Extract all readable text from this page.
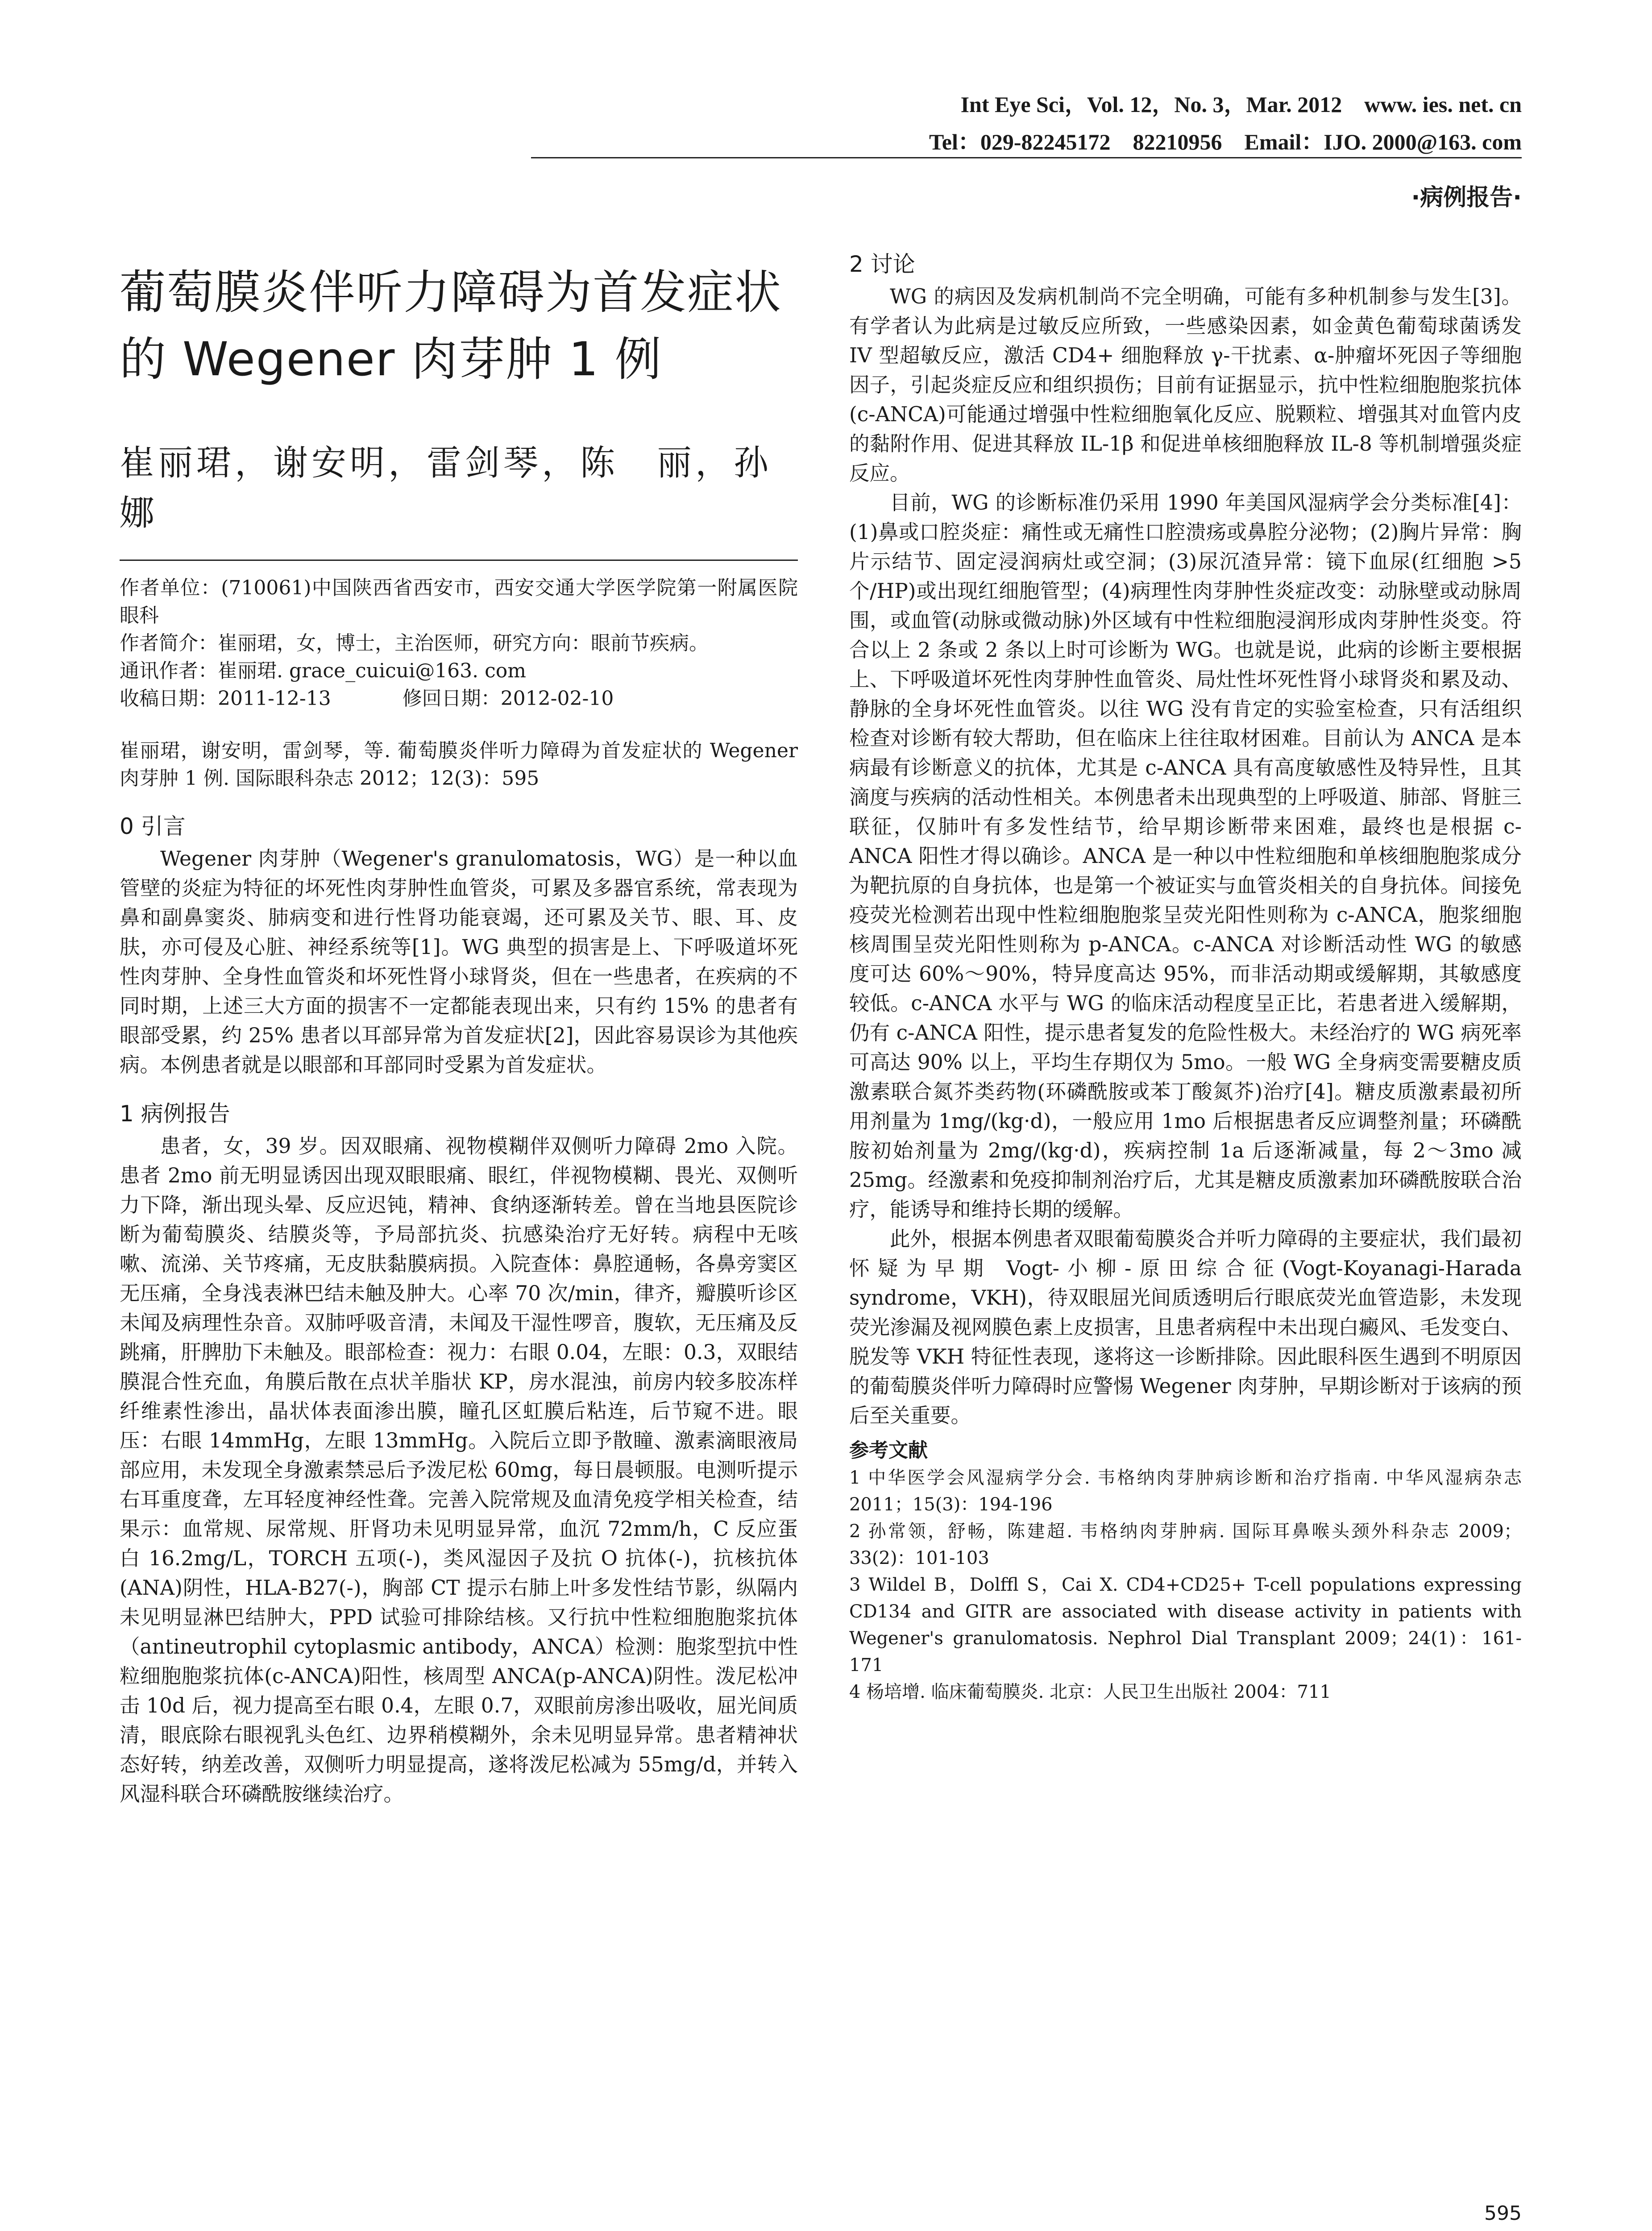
Int Eye Sci，Vol. 12，No. 3，Mar. 2012　www. ies. net. cn
Tel：029-82245172　82210956　Email：IJO. 2000@163. com
·病例报告·
葡萄膜炎伴听力障碍为首发症状的 Wegener 肉芽肿 1 例
崔丽珺，谢安明，雷剑琴，陈　丽，孙　娜
作者单位：(710061)中国陕西省西安市，西安交通大学医学院第一附属医院眼科
作者简介：崔丽珺，女，博士，主治医师，研究方向：眼前节疾病。
通讯作者：崔丽珺. grace_cuicui@163. com
收稿日期：2011-12-13	修回日期：2012-02-10
崔丽珺，谢安明，雷剑琴，等. 葡萄膜炎伴听力障碍为首发症状的 Wegener 肉芽肿 1 例. 国际眼科杂志 2012；12(3)：595
0 引言

Wegener 肉芽肿（Wegener's granulomatosis，WG）是一种以血管壁的炎症为特征的坏死性肉芽肿性血管炎，可累及多器官系统，常表现为鼻和副鼻窦炎、肺病变和进行性肾功能衰竭，还可累及关节、眼、耳、皮肤，亦可侵及心脏、神经系统等[1]。WG 典型的损害是上、下呼吸道坏死性肉芽肿、全身性血管炎和坏死性肾小球肾炎，但在一些患者，在疾病的不同时期，上述三大方面的损害不一定都能表现出来，只有约 15% 的患者有眼部受累，约 25% 患者以耳部异常为首发症状[2]，因此容易误诊为其他疾病。本例患者就是以眼部和耳部同时受累为首发症状。

1 病例报告

患者，女，39 岁。因双眼痛、视物模糊伴双侧听力障碍 2mo 入院。患者 2mo 前无明显诱因出现双眼眼痛、眼红，伴视物模糊、畏光、双侧听力下降，渐出现头晕、反应迟钝，精神、食纳逐渐转差。曾在当地县医院诊断为葡萄膜炎、结膜炎等，予局部抗炎、抗感染治疗无好转。病程中无咳嗽、流涕、关节疼痛，无皮肤黏膜病损。入院查体：鼻腔通畅，各鼻旁窦区无压痛，全身浅表淋巴结未触及肿大。心率 70 次/min，律齐，瓣膜听诊区未闻及病理性杂音。双肺呼吸音清，未闻及干湿性啰音，腹软，无压痛及反跳痛，肝脾肋下未触及。眼部检查：视力：右眼 0.04，左眼：0.3，双眼结膜混合性充血，角膜后散在点状羊脂状 KP，房水混浊，前房内较多胶冻样纤维素性渗出，晶状体表面渗出膜，瞳孔区虹膜后粘连，后节窥不进。眼压：右眼 14mmHg，左眼 13mmHg。入院后立即予散瞳、激素滴眼液局部应用，未发现全身激素禁忌后予泼尼松 60mg，每日晨顿服。电测听提示右耳重度聋，左耳轻度神经性聋。完善入院常规及血清免疫学相关检查，结果示：血常规、尿常规、肝肾功未见明显异常，血沉 72mm/h，C 反应蛋白 16.2mg/L，TORCH 五项(-)，类风湿因子及抗 O 抗体(-)，抗核抗体(ANA)阴性，HLA-B27(-)，胸部 CT 提示右肺上叶多发性结节影，纵隔内未见明显淋巴结肿大，PPD 试验可排除结核。又行抗中性粒细胞胞浆抗体（antineutrophil cytoplasmic antibody，ANCA）检测：胞浆型抗中性粒细胞胞浆抗体(c-ANCA)阳性，核周型 ANCA(p-ANCA)阴性。泼尼松冲击 10d 后，视力提高至右眼 0.4，左眼 0.7，双眼前房渗出吸收，屈光间质清，眼底除右眼视乳头色红、边界稍模糊外，余未见明显异常。患者精神状态好转，纳差改善，双侧听力明显提高，遂将泼尼松减为 55mg/d，并转入风湿科联合环磷酰胺继续治疗。

2 讨论

WG 的病因及发病机制尚不完全明确，可能有多种机制参与发生[3]。有学者认为此病是过敏反应所致，一些感染因素，如金黄色葡萄球菌诱发 IV 型超敏反应，激活 CD4+ 细胞释放 γ-干扰素、α-肿瘤坏死因子等细胞因子，引起炎症反应和组织损伤；目前有证据显示，抗中性粒细胞胞浆抗体(c-ANCA)可能通过增强中性粒细胞氧化反应、脱颗粒、增强其对血管内皮的黏附作用、促进其释放 IL-1β 和促进单核细胞释放 IL-8 等机制增强炎症反应。

目前，WG 的诊断标准仍采用 1990 年美国风湿病学会分类标准[4]：(1)鼻或口腔炎症：痛性或无痛性口腔溃疡或鼻腔分泌物；(2)胸片异常：胸片示结节、固定浸润病灶或空洞；(3)尿沉渣异常：镜下血尿(红细胞 >5 个/HP)或出现红细胞管型；(4)病理性肉芽肿性炎症改变：动脉壁或动脉周围，或血管(动脉或微动脉)外区域有中性粒细胞浸润形成肉芽肿性炎变。符合以上 2 条或 2 条以上时可诊断为 WG。也就是说，此病的诊断主要根据上、下呼吸道坏死性肉芽肿性血管炎、局灶性坏死性肾小球肾炎和累及动、静脉的全身坏死性血管炎。以往 WG 没有肯定的实验室检查，只有活组织检查对诊断有较大帮助，但在临床上往往取材困难。目前认为 ANCA 是本病最有诊断意义的抗体，尤其是 c-ANCA 具有高度敏感性及特异性，且其滴度与疾病的活动性相关。本例患者未出现典型的上呼吸道、肺部、肾脏三联征，仅肺叶有多发性结节，给早期诊断带来困难，最终也是根据 c-ANCA 阳性才得以确诊。ANCA 是一种以中性粒细胞和单核细胞胞浆成分为靶抗原的自身抗体，也是第一个被证实与血管炎相关的自身抗体。间接免疫荧光检测若出现中性粒细胞胞浆呈荧光阳性则称为 c-ANCA，胞浆细胞核周围呈荧光阳性则称为 p-ANCA。c-ANCA 对诊断活动性 WG 的敏感度可达 60%～90%，特异度高达 95%，而非活动期或缓解期，其敏感度较低。c-ANCA 水平与 WG 的临床活动程度呈正比，若患者进入缓解期，仍有 c-ANCA 阳性，提示患者复发的危险性极大。未经治疗的 WG 病死率可高达 90% 以上，平均生存期仅为 5mo。一般 WG 全身病变需要糖皮质激素联合氮芥类药物(环磷酰胺或苯丁酸氮芥)治疗[4]。糖皮质激素最初所用剂量为 1mg/(kg·d)，一般应用 1mo 后根据患者反应调整剂量；环磷酰胺初始剂量为 2mg/(kg·d)，疾病控制 1a 后逐渐减量，每 2～3mo 减 25mg。经激素和免疫抑制剂治疗后，尤其是糖皮质激素加环磷酰胺联合治疗，能诱导和维持长期的缓解。

此外，根据本例患者双眼葡萄膜炎合并听力障碍的主要症状，我们最初怀疑为早期 Vogt-小柳-原田综合征(Vogt-Koyanagi-Harada syndrome，VKH)，待双眼屈光间质透明后行眼底荧光血管造影，未发现荧光渗漏及视网膜色素上皮损害，且患者病程中未出现白癜风、毛发变白、脱发等 VKH 特征性表现，遂将这一诊断排除。因此眼科医生遇到不明原因的葡萄膜炎伴听力障碍时应警惕 Wegener 肉芽肿，早期诊断对于该病的预后至关重要。

参考文献
1 中华医学会风湿病学分会. 韦格纳肉芽肿病诊断和治疗指南. 中华风湿病杂志 2011；15(3)：194-196
2 孙常领，舒畅，陈建超. 韦格纳肉芽肿病. 国际耳鼻喉头颈外科杂志 2009；33(2)：101-103
3 Wildel B，Dolffl S，Cai X. CD4+CD25+ T-cell populations expressing CD134 and GITR are associated with disease activity in patients with Wegener's granulomatosis. Nephrol Dial Transplant 2009；24(1)：161-171
4 杨培增. 临床葡萄膜炎. 北京：人民卫生出版社 2004：711
595
